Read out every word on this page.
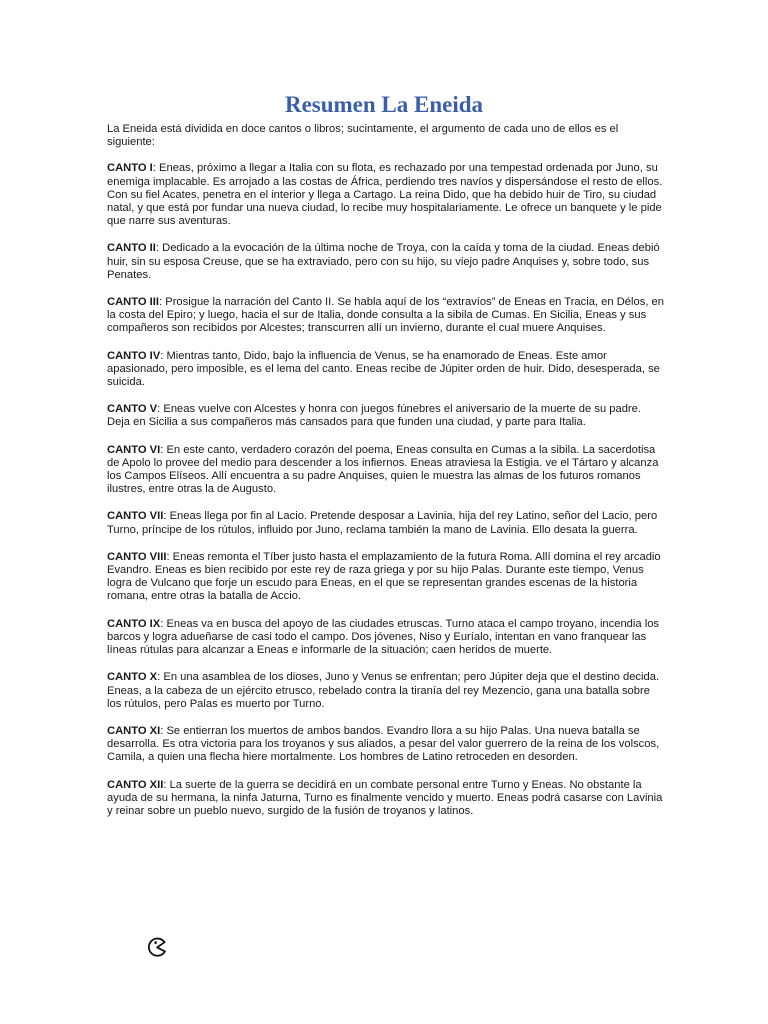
Resumen La Eneida

La Eneida está dividida en doce cantos o libros; sucintamente, el argumento de cada uno de ellos es el siguiente:

CANTO I: Eneas, próximo a llegar a Italia con su flota, es rechazado por una tempestad ordenada por Juno, su enemiga implacable. Es arrojado a las costas de África, perdiendo tres navíos y dispersándose el resto de ellos. Con su fiel Acates, penetra en el interior y llega a Cartago. La reina Dido, que ha debido huir de Tiro, su ciudad natal, y que está por fundar una nueva ciudad, lo recibe muy hospitalariamente. Le ofrece un banquete y le pide que narre sus aventuras.

CANTO II: Dedicado a la evocación de la última noche de Troya, con la caída y toma de la ciudad. Eneas debió huir, sin su esposa Creuse, que se ha extraviado, pero con su hijo, su viejo padre Anquises y, sobre todo, sus Penates.

CANTO III: Prosigue la narración del Canto II. Se habla aquí de los “extravíos” de Eneas en Tracia, en Délos, en la costa del Epiro; y luego, hacia el sur de Italia, donde consulta a la sibila de Cumas. En Sicilia, Eneas y sus compañeros son recibidos por Alcestes; transcurren allí un invierno, durante el cual muere Anquises.

CANTO IV: Mientras tanto, Dido, bajo la influencia de Venus, se ha enamorado de Eneas. Este amor apasionado, pero imposible, es el lema del canto. Eneas recibe de Júpiter orden de huir. Dido, desesperada, se suicida.

CANTO V: Eneas vuelve con Alcestes y honra con juegos fúnebres el aniversario de la muerte de su padre. Deja en Sicilia a sus compañeros más cansados para que funden una ciudad, y parte para Italia.

CANTO VI: En este canto, verdadero corazón del poema, Eneas consulta en Cumas a la sibila. La sacerdotisa de Apolo lo provee del medio para descender a los infiernos. Eneas atraviesa la Estigia. ve el Tártaro y alcanza los Campos Elíseos. Allí encuentra a su padre Anquises, quien le muestra las almas de los futuros romanos ilustres, entre otras la de Augusto.

CANTO VII: Eneas llega por fin al Lacio. Pretende desposar a Lavinia, hija del rey Latino, señor del Lacio, pero Turno, príncipe de los rútulos, influido por Juno, reclama también la mano de Lavinia. Ello desata la guerra.

CANTO VIII: Eneas remonta el Tíber justo hasta el emplazamiento de la futura Roma. Allí domina el rey arcadio Evandro. Eneas es bien recibido por este rey de raza griega y por su hijo Palas. Durante este tiempo, Venus logra de Vulcano que forje un escudo para Eneas, en el que se representan grandes escenas de la historia romana, entre otras la batalla de Accio.

CANTO IX: Eneas va en busca del apoyo de las ciudades etruscas. Turno ataca el campo troyano, incendia los barcos y logra adueñarse de casi todo el campo. Dos jóvenes, Niso y Euríalo, intentan en vano franquear las líneas rútulas para alcanzar a Eneas e informarle de la situación; caen heridos de muerte.

CANTO X: En una asamblea de los dioses, Juno y Venus se enfrentan; pero Júpiter deja que el destino decida. Eneas, a la cabeza de un ejército etrusco, rebelado contra la tiranía del rey Mezencio, gana una batalla sobre los rútulos, pero Palas es muerto por Turno.

CANTO XI: Se entierran los muertos de ambos bandos. Evandro llora a su hijo Palas. Una nueva batalla se desarrolla. Es otra victoria para los troyanos y sus aliados, a pesar del valor guerrero de la reina de los volscos, Camila, a quien una flecha hiere mortalmente. Los hombres de Latino retroceden en desorden.

CANTO XII: La suerte de la guerra se decidirá en un combate personal entre Turno y Eneas. No obstante la ayuda de su hermana, la ninfa Jaturna, Turno es finalmente vencido y muerto. Eneas podrá casarse con Lavinia y reinar sobre un pueblo nuevo, surgido de la fusión de troyanos y latinos.
